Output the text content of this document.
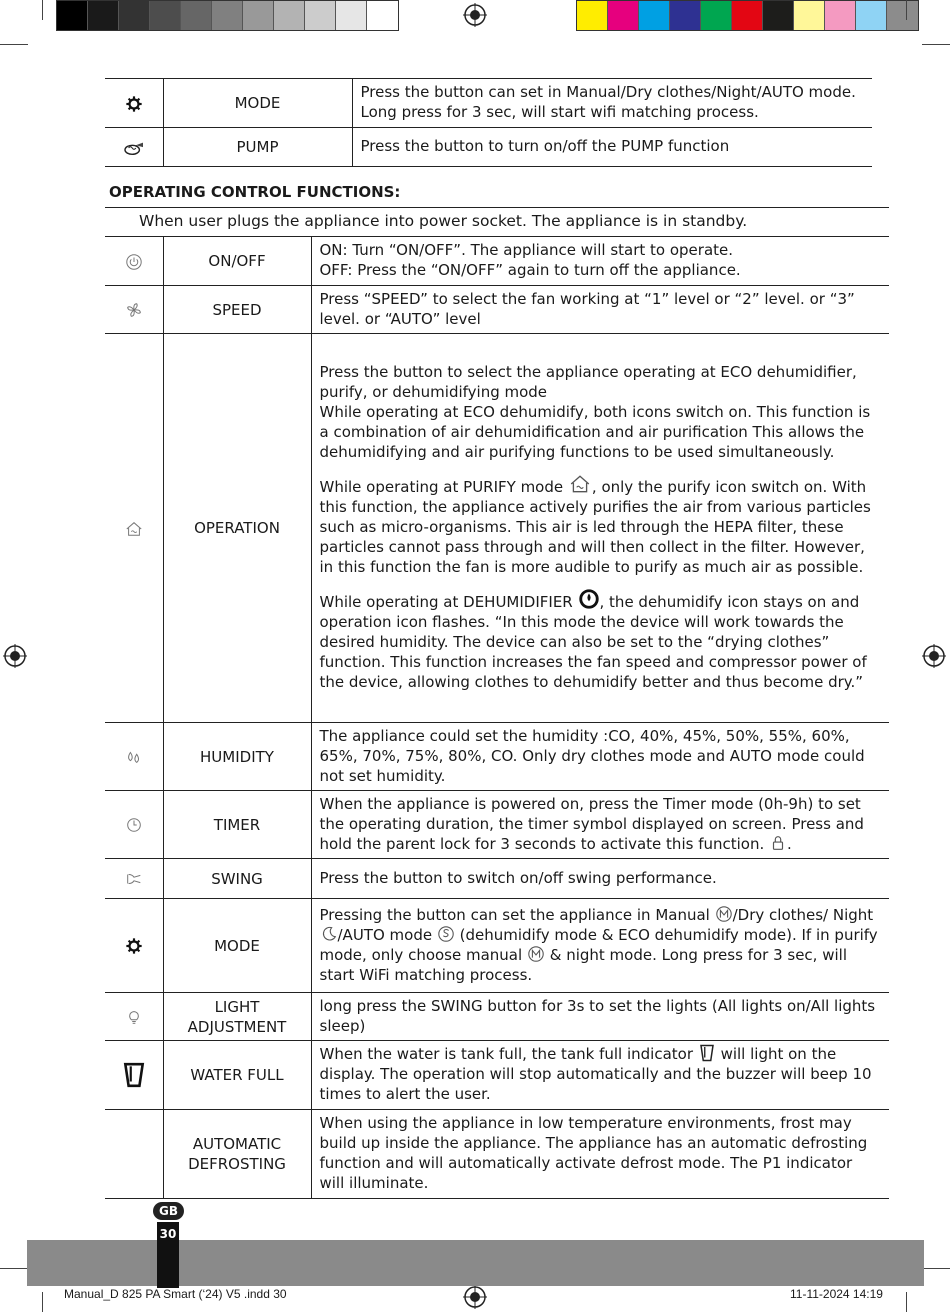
	MODE	Press the button can set in Manual/Dry clothes/Night/AUTO mode. Long press for 3 sec, will start wifi matching process.
	PUMP	Press the button to turn on/off the PUMP function
OPERATING CONTROL FUNCTIONS:
When user plugs the appliance into power socket. The appliance is in standby.
	ON/OFF	ON: Turn “ON/OFF”. The appliance will start to operate.

OFF: Press the “ON/OFF” again to turn off the appliance.

	SPEED	Press “SPEED” to select the fan working at “1” level or “2” level. or “3” level. or “AUTO” level
	OPERATION	Press the button to select the appliance operating at ECO dehumidifier, purify, or dehumidifying mode

While operating at ECO dehumidify, both icons switch on. This function is a combination of air dehumidification and air purification This allows the dehumidifying and air purifying functions to be used simultaneously.

While operating at PURIFY mode , only the purify icon switch on. With this function, the appliance actively purifies the air from various particles such as micro-organisms. This air is led through the HEPA filter, these particles cannot pass through and will then collect in the filter. However, in this function the fan is more audible to purify as much air as possible.

While operating at DEHUMIDIFIER , the dehumidify icon stays on and operation icon flashes. “In this mode the device will work towards the desired humidity. The device can also be set to the “drying clothes” function. This function increases the fan speed and compressor power of the device, allowing clothes to dehumidify better and thus become dry.”

	HUMIDITY	The appliance could set the humidity :CO, 40%, 45%, 50%, 55%, 60%, 65%, 70%, 75%, 80%, CO. Only dry clothes mode and AUTO mode could not set humidity.
	TIMER	When the appliance is powered on, press the Timer mode (0h-9h) to set the operating duration, the timer symbol displayed on screen. Press and hold the parent lock for 3 seconds to activate this function. .
	SWING	Press the button to switch on/off swing performance.
	MODE	Pressing the button can set the appliance in Manual /Dry clothes/ Night /AUTO mode (dehumidify mode & ECO dehumidify mode). If in purify mode, only choose manual & night mode. Long press for 3 sec, will start WiFi matching process.

LIGHT
ADJUSTMENT	long press the SWING button for 3s to set the lights (All lights on/All lights sleep)
	WATER FULL	When the water is tank full, the tank full indicator will light on the display. The operation will stop automatically and the buzzer will beep 10 times to alert the user.

	AUTOMATIC
DEFROSTING	When using the appliance in low temperature environments, frost may build up inside the appliance. The appliance has an automatic defrosting function and will automatically activate defrost mode. The P1 indicator will illuminate.
GB
30
Manual_D 825 PA Smart (‘24) V5 .indd 30	11-11-2024 14:19
